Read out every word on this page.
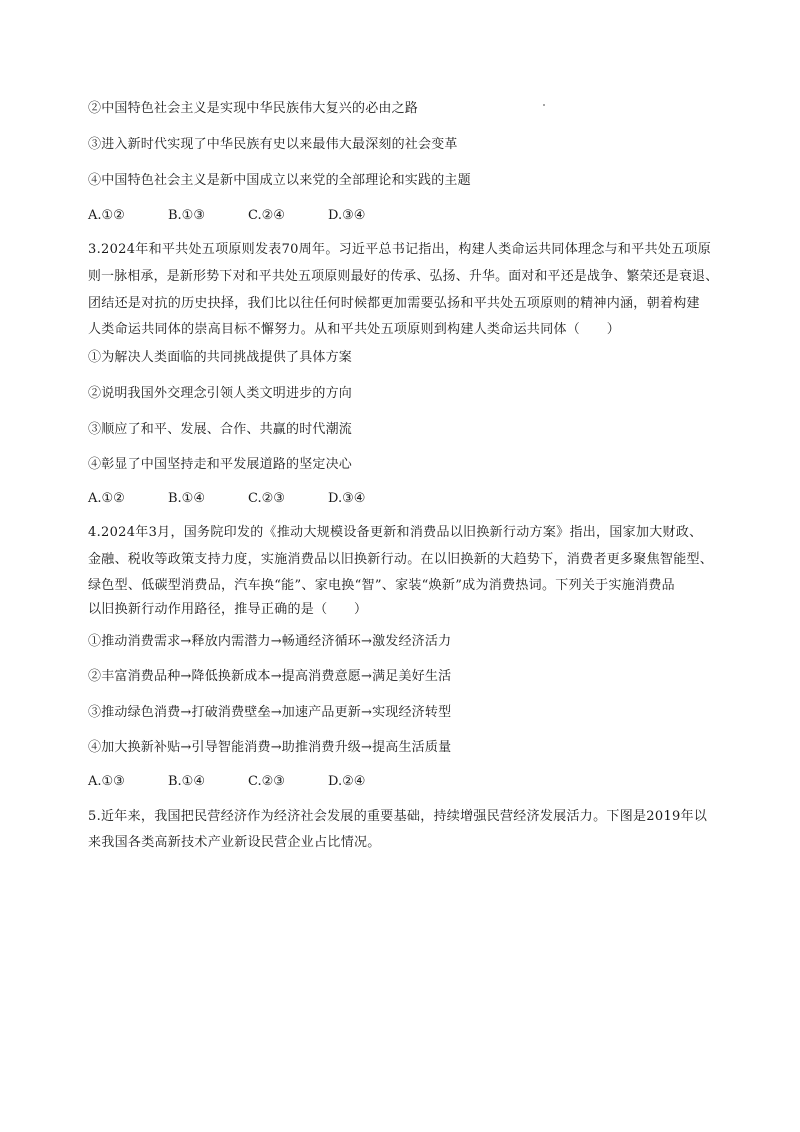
②中国特色社会主义是实现中华民族伟大复兴的必由之路
③进入新时代实现了中华民族有史以来最伟大最深刻的社会变革
④中国特色社会主义是新中国成立以来党的全部理论和实践的主题
A.①②	B.①③	C.②④	D.③④
3.2024年和平共处五项原则发表70周年。习近平总书记指出，构建人类命运共同体理念与和平共处五项原
则一脉相承，是新形势下对和平共处五项原则最好的传承、弘扬、升华。面对和平还是战争、繁荣还是衰退、
团结还是对抗的历史抉择，我们比以往任何时候都更加需要弘扬和平共处五项原则的精神内涵，朝着构建
人类命运共同体的崇高目标不懈努力。从和平共处五项原则到构建人类命运共同体（　　）
①为解决人类面临的共同挑战提供了具体方案
②说明我国外交理念引领人类文明进步的方向
③顺应了和平、发展、合作、共赢的时代潮流
④彰显了中国坚持走和平发展道路的坚定决心
A.①②	B.①④	C.②③	D.③④
4.2024年3月，国务院印发的《推动大规模设备更新和消费品以旧换新行动方案》指出，国家加大财政、
金融、税收等政策支持力度，实施消费品以旧换新行动。在以旧换新的大趋势下，消费者更多聚焦智能型、
绿色型、低碳型消费品，汽车换“能”、家电换“智”、家装“焕新”成为消费热词。下列关于实施消费品
以旧换新行动作用路径，推导正确的是（　　）
①推动消费需求→释放内需潜力→畅通经济循环→激发经济活力
②丰富消费品种→降低换新成本→提高消费意愿→满足美好生活
③推动绿色消费→打破消费壁垒→加速产品更新→实现经济转型
④加大换新补贴→引导智能消费→助推消费升级→提高生活质量
A.①③	B.①④	C.②③	D.②④
5.近年来，我国把民营经济作为经济社会发展的重要基础，持续增强民营经济发展活力。下图是2019年以
来我国各类高新技术产业新设民营企业占比情况。
